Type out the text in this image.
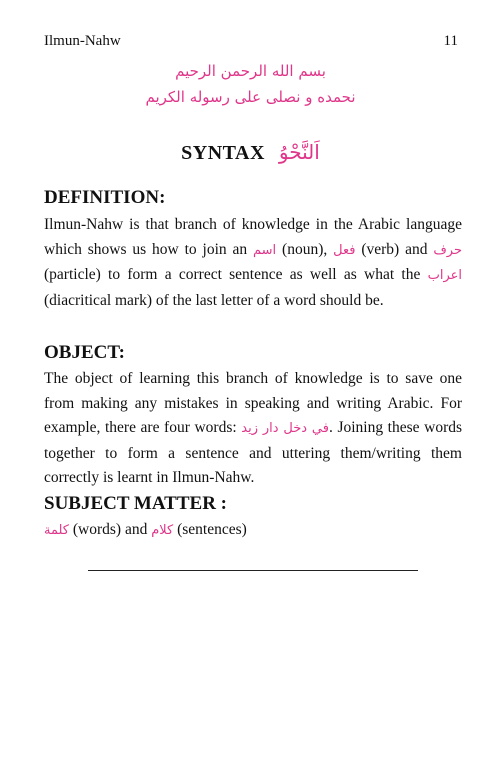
Ilmun-Nahw	11
بسم الله الرحمن الرحيم
نحمده و نصلى على رسوله الكريم
SYNTAX اَلنَّحْوُ
DEFINITION:
Ilmun-Nahw is that branch of knowledge in the Arabic language which shows us how to join an اسم (noun), فعل (verb) and حرف (particle) to form a correct sentence as well as what the اعراب (diacritical mark) of the last letter of a word should be.
OBJECT:
The object of learning this branch of knowledge is to save one from making any mistakes in speaking and writing Arabic. For example, there are four words: في دخل دار زيد. Joining these words together to form a sentence and uttering them/writing them correctly is learnt in Ilmun-Nahw.
SUBJECT MATTER :
كلمة (words) and كلام (sentences)
